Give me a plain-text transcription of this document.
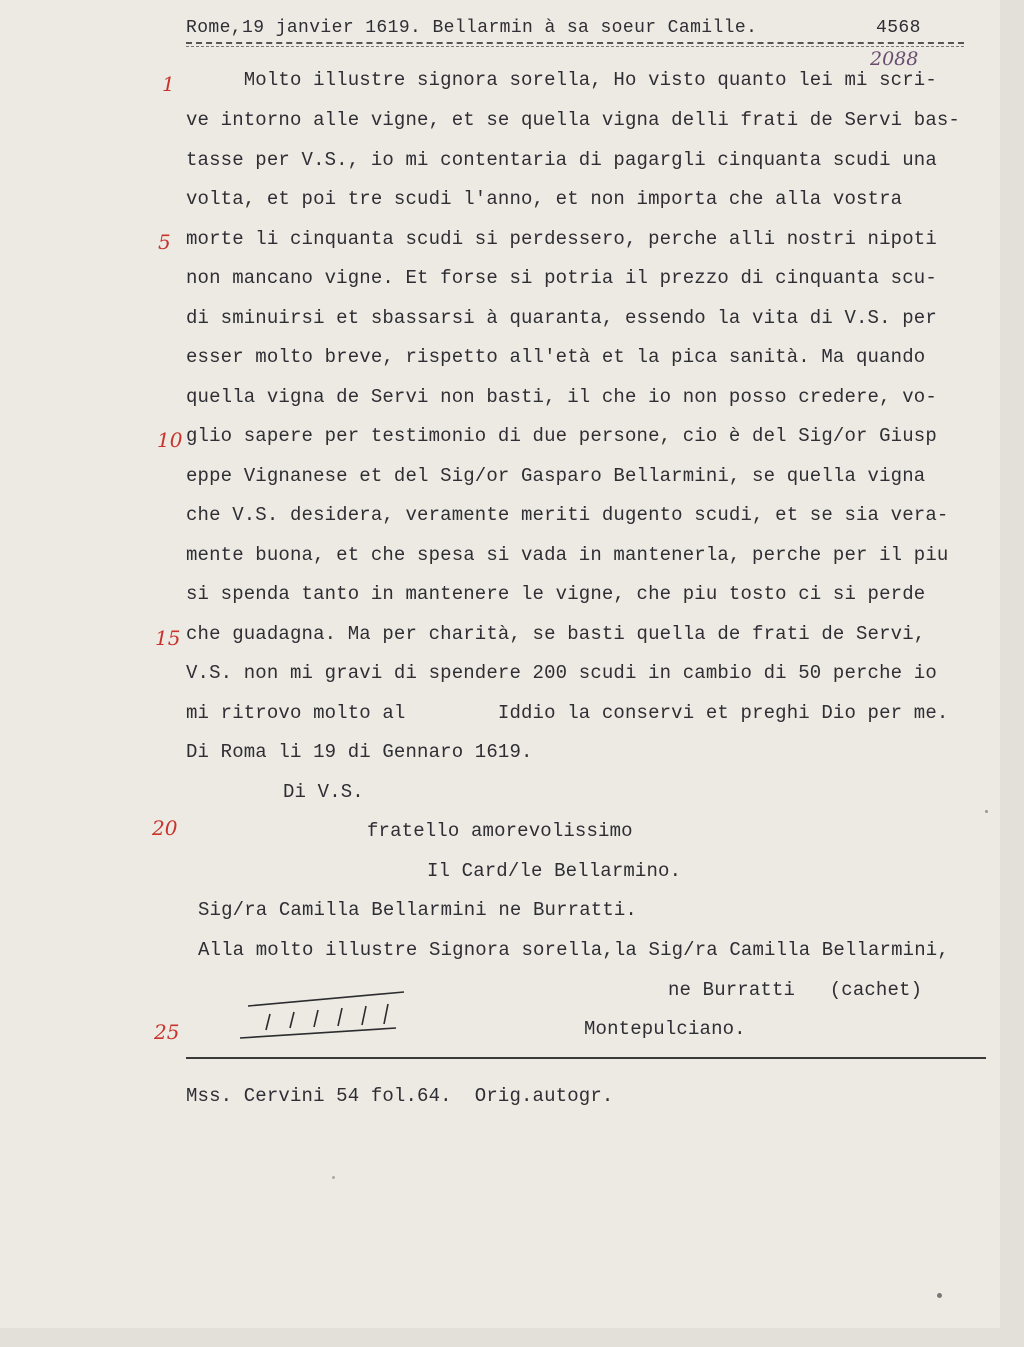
Rome,19 janvier 1619. Bellarmin à sa soeur Camille.	4568
2088
1
5
10
15
20
25
Molto illustre signora sorella, Ho visto quanto lei mi scri-
ve intorno alle vigne, et se quella vigna delli frati de Servi bas-
tasse per V.S., io mi contentaria di pagargli cinquanta scudi una
volta, et poi tre scudi l'anno, et non importa che alla vostra
morte li cinquanta scudi si perdessero, perche alli nostri nipoti
non mancano vigne. Et forse si potria il prezzo di cinquanta scu-
di sminuirsi et sbassarsi à quaranta, essendo la vita di V.S. per
esser molto breve, rispetto all'età et la pica sanità. Ma quando
quella vigna de Servi non basti, il che io non posso credere, vo-
glio sapere per testimonio di due persone, cio è del Sig/or Giusp
eppe Vignanese et del Sig/or Gasparo Bellarmini, se quella vigna
che V.S. desidera, veramente meriti dugento scudi, et se sia vera-
mente buona, et che spesa si vada in mantenerla, perche per il piu
si spenda tanto in mantenere le vigne, che piu tosto ci si perde
che guadagna. Ma per charità, se basti quella de frati de Servi,
V.S. non mi gravi di spendere 200 scudi in cambio di 50 perche io
mi ritrovo molto al        Iddio la conservi et preghi Dio per me.
Di Roma li 19 di Gennaro 1619.
Di V.S.
fratello amorevolissimo
Il Card/le Bellarmino.
Sig/ra Camilla Bellarmini ne Burratti.
Alla molto illustre Signora sorella,la Sig/ra Camilla Bellarmini,
ne Burratti   (cachet)
Montepulciano.
Mss. Cervini 54 fol.64.  Orig.autogr.
